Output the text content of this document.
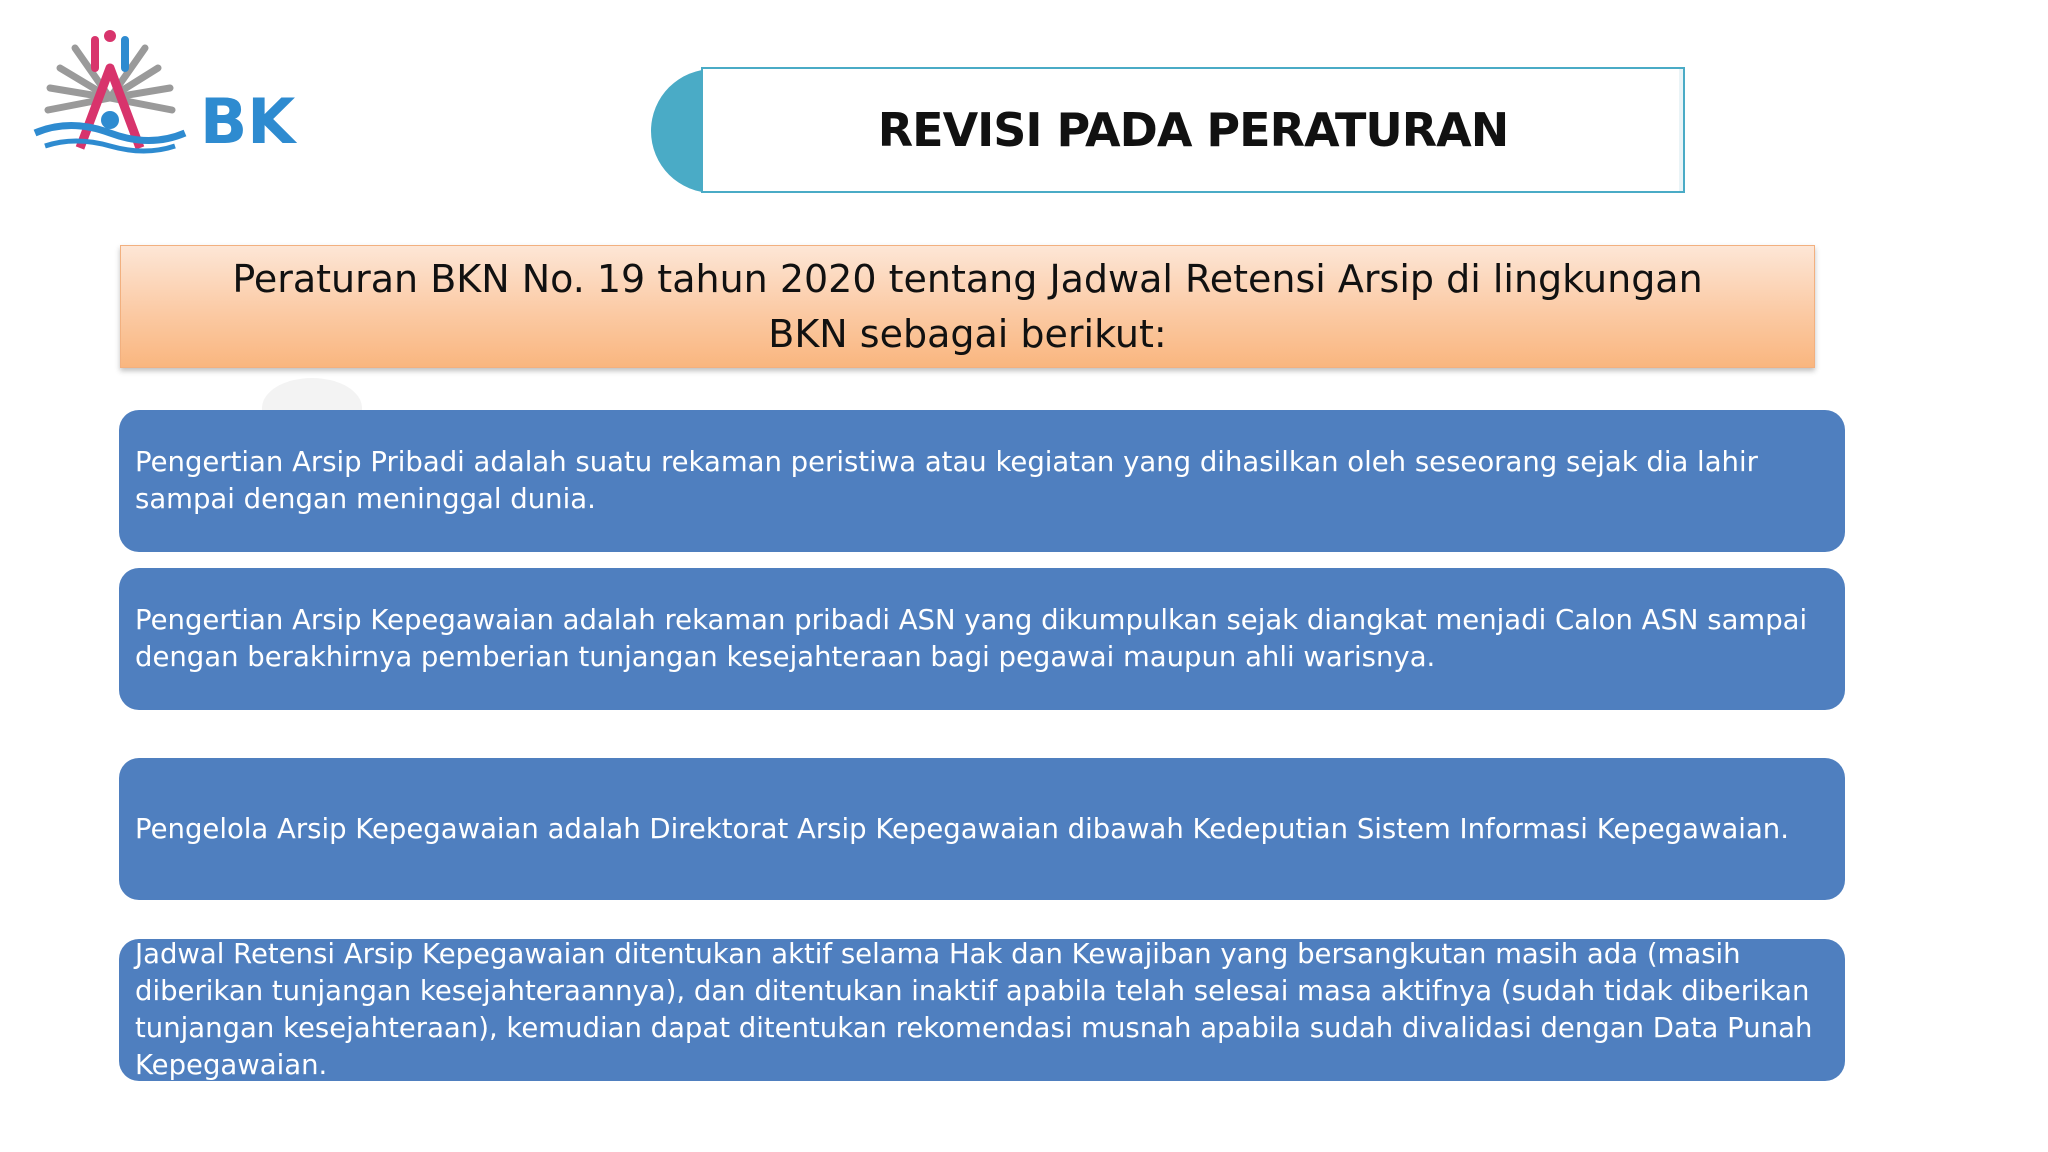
BK	REVISI PADA PERATURAN
Peraturan BKN No. 19 tahun 2020 tentang Jadwal Retensi Arsip di lingkungan BKN sebagai berikut:
Pengertian Arsip Pribadi adalah suatu rekaman peristiwa atau kegiatan yang dihasilkan oleh seseorang sejak dia lahir sampai dengan meninggal dunia.
Pengertian Arsip Kepegawaian adalah rekaman pribadi ASN yang dikumpulkan sejak diangkat menjadi Calon ASN sampai dengan berakhirnya pemberian tunjangan kesejahteraan bagi pegawai maupun ahli warisnya.
Pengelola Arsip Kepegawaian adalah Direktorat Arsip Kepegawaian dibawah Kedeputian Sistem Informasi Kepegawaian.
Jadwal Retensi Arsip Kepegawaian ditentukan aktif selama Hak dan Kewajiban yang bersangkutan masih ada (masih diberikan tunjangan kesejahteraannya), dan ditentukan inaktif apabila telah selesai masa aktifnya (sudah tidak diberikan tunjangan kesejahteraan), kemudian dapat ditentukan rekomendasi musnah apabila sudah divalidasi dengan Data Punah Kepegawaian.
